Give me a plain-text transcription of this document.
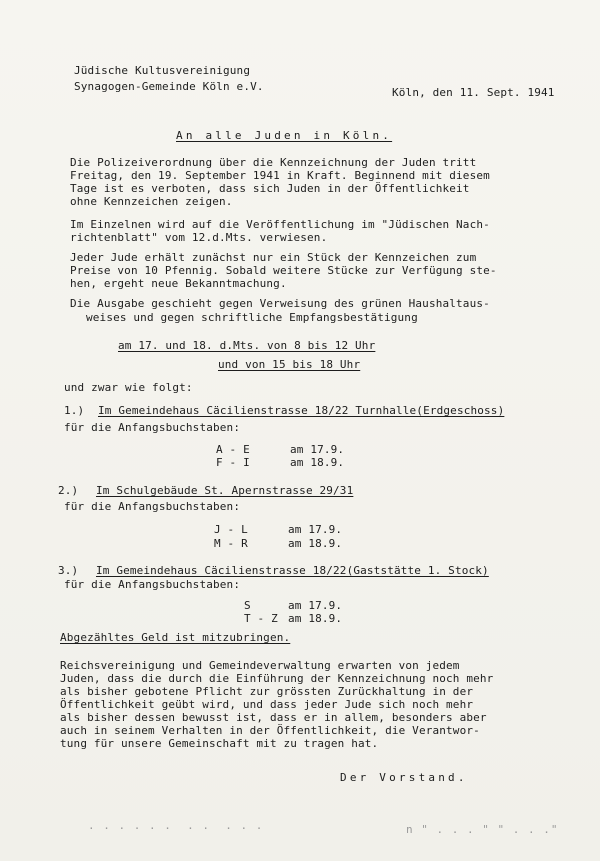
Jüdische Kultusvereinigung
Synagogen-Gemeinde Köln e.V.	Köln, den 11. Sept. 1941
An alle Juden in Köln.
Die Polizeiverordnung über die Kennzeichnung der Juden tritt
Freitag, den 19. September 1941 in Kraft. Beginnend mit diesem
Tage ist es verboten, dass sich Juden in der Öffentlichkeit
ohne Kennzeichen zeigen.
Im Einzelnen wird auf die Veröffentlichung im "Jüdischen Nach-
richtenblatt" vom 12.d.Mts. verwiesen.
Jeder Jude erhält zunächst nur ein Stück der Kennzeichen zum
Preise von 10 Pfennig. Sobald weitere Stücke zur Verfügung ste-
hen, ergeht neue Bekanntmachung.
Die Ausgabe geschieht gegen Verweisung des grünen Haushaltaus-
weises und gegen schriftliche Empfangsbestätigung
am 17. und 18. d.Mts. von 8 bis 12 Uhr
und von 15 bis 18 Uhr
und zwar wie folgt:
1.) Im Gemeindehaus Cäcilienstrasse 18/22 Turnhalle(Erdgeschoss)
für die Anfangsbuchstaben:
A - E	am 17.9.
F - I	am 18.9.
2.) Im Schulgebäude St. Apernstrasse 29/31
für die Anfangsbuchstaben:
J - L	am 17.9.
M - R	am 18.9.
3.) Im Gemeindehaus Cäcilienstrasse 18/22(Gaststätte 1. Stock)
für die Anfangsbuchstaben:
S	am 17.9.
T - Z am 18.9.
Abgezähltes Geld ist mitzubringen.
Reichsvereinigung und Gemeindeverwaltung erwarten von jedem
Juden, dass die durch die Einführung der Kennzeichnung noch mehr
als bisher gebotene Pflicht zur grössten Zurückhaltung in der
Öffentlichkeit geübt wird, und dass jeder Jude sich noch mehr
als bisher dessen bewusst ist, dass er in allem, besonders aber
auch in seinem Verhalten in der Öffentlichkeit, die Verantwor-
tung für unsere Gemeinschaft mit zu tragen hat.
Der Vorstand.
. . . . . .  . .  . . .	n " . . . " " . . ."
